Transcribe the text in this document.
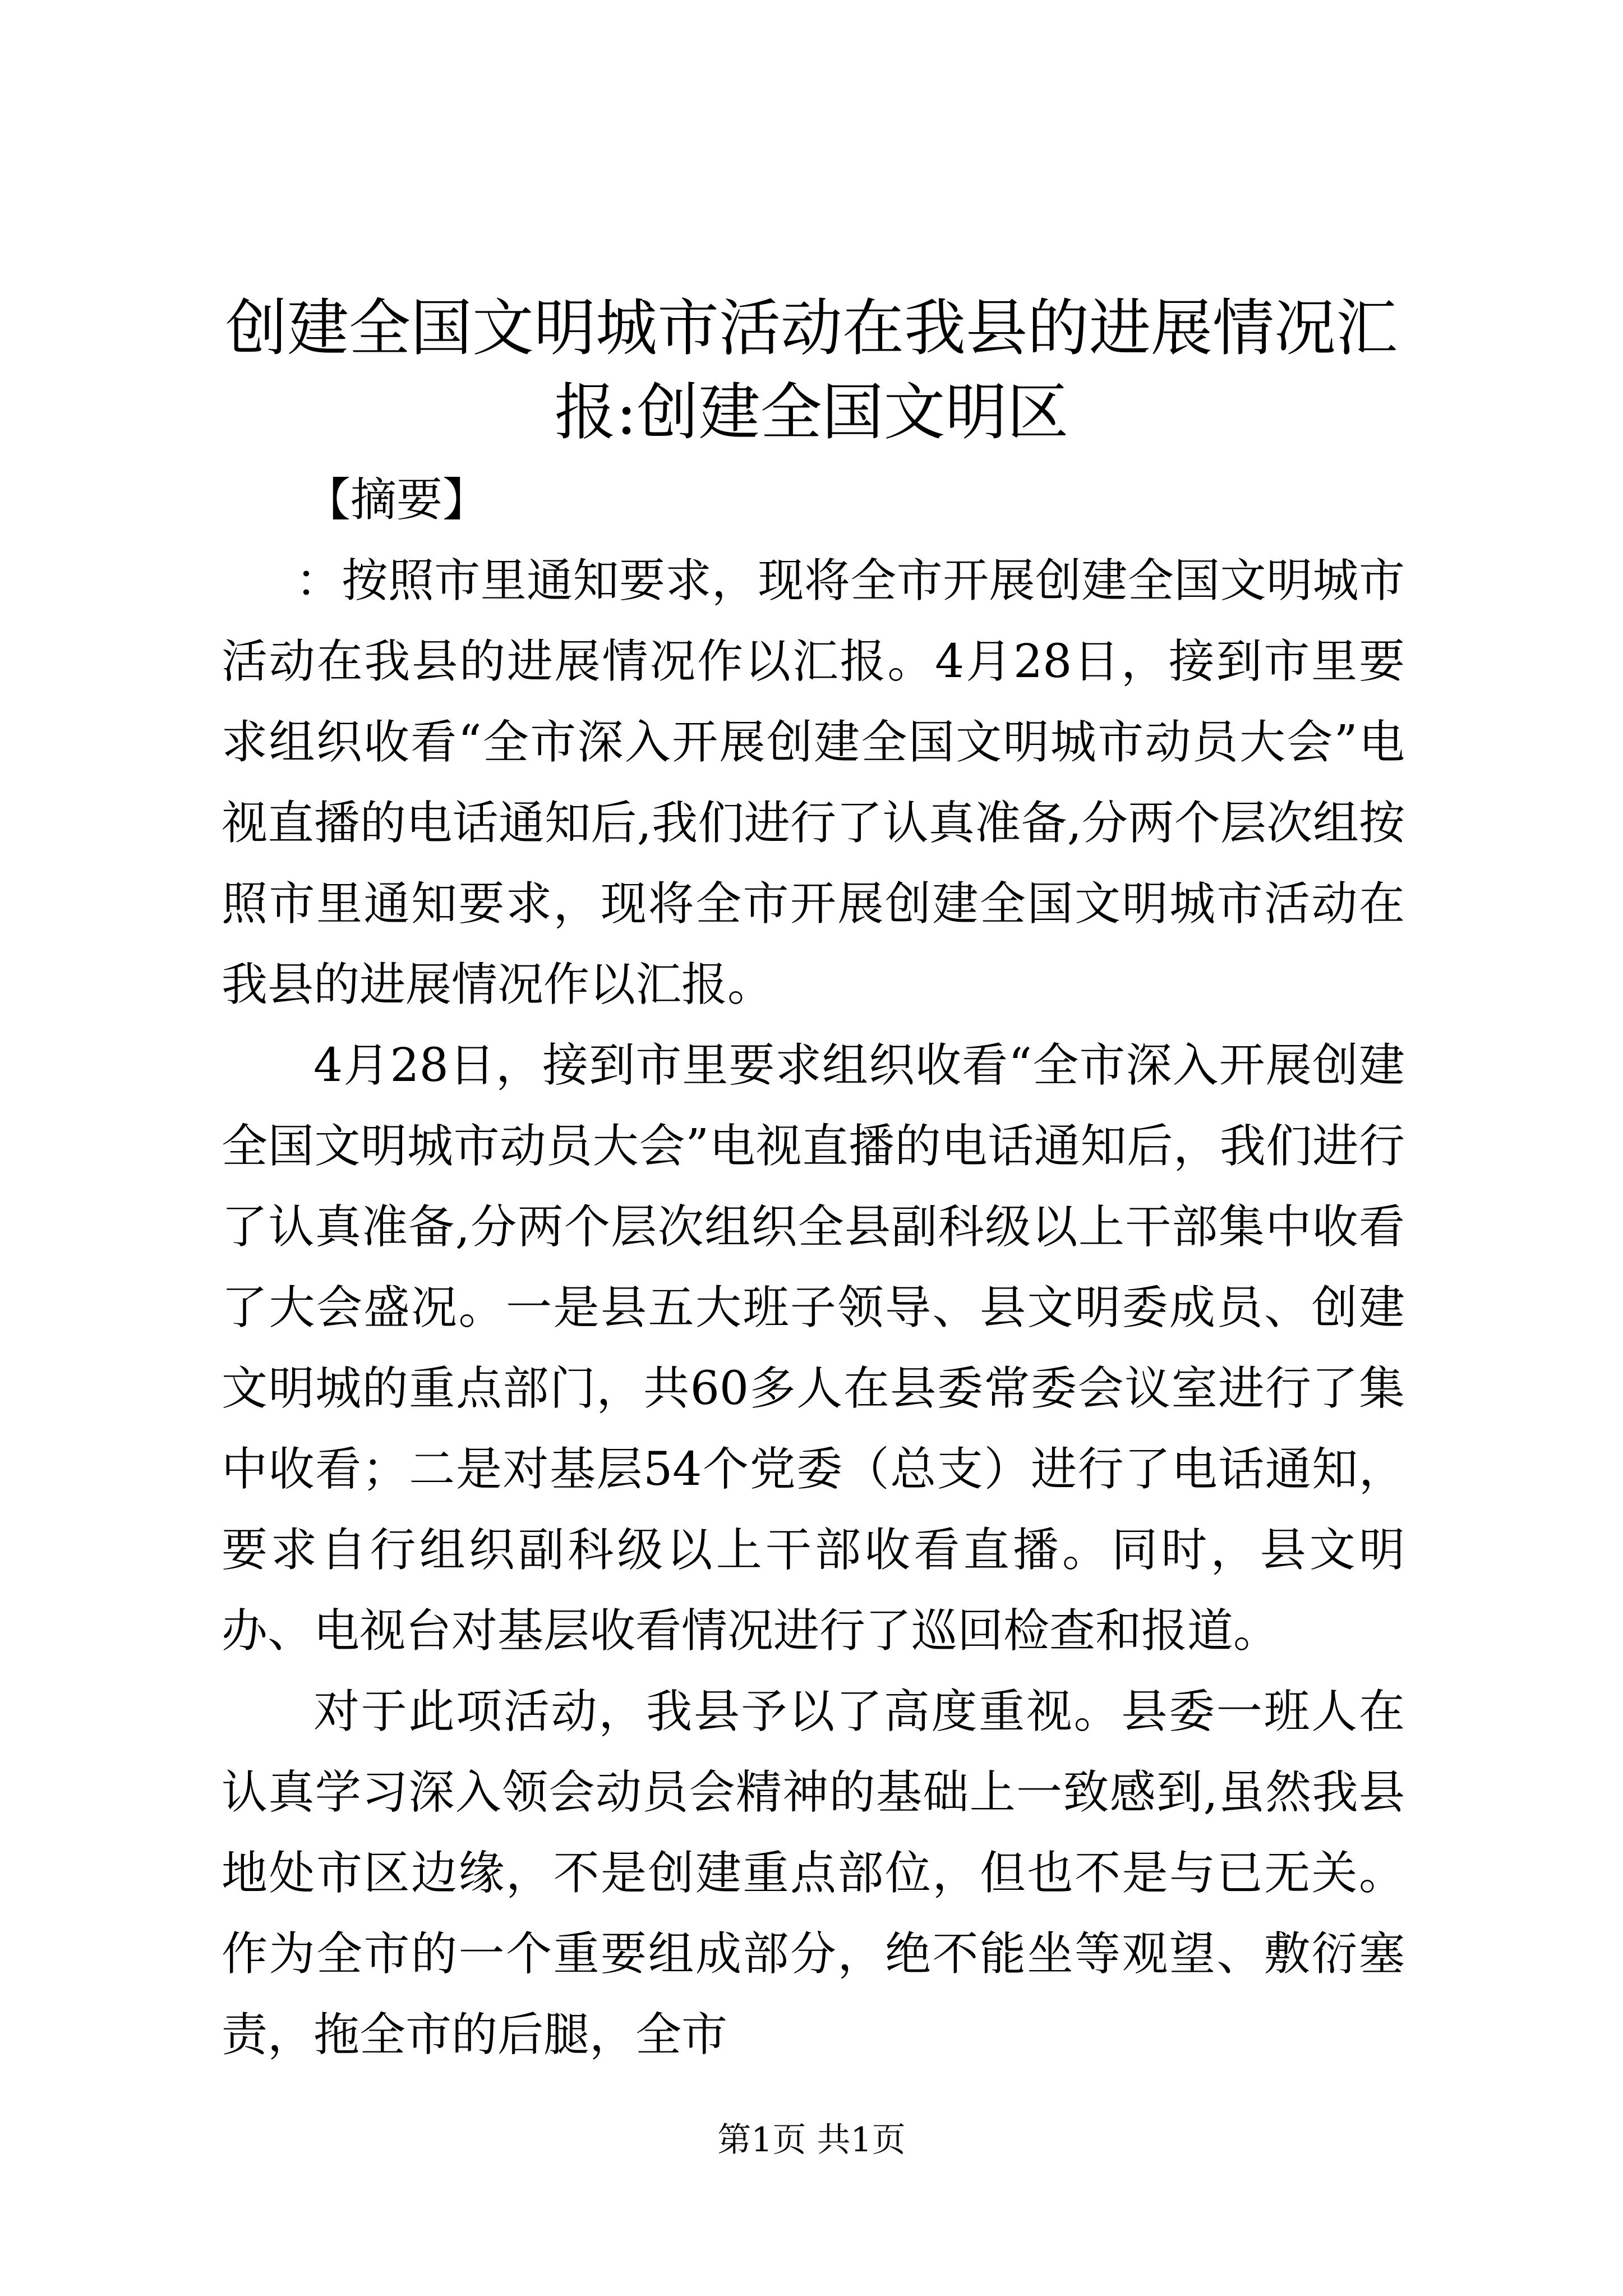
创建全国文明城市活动在我县的进展情况汇报:创建全国文明区

【摘要】

：按照市里通知要求，现将全市开展创建全国文明城市活动在我县的进展情况作以汇报。4月28日，接到市里要求组织收看“全市深入开展创建全国文明城市动员大会”电视直播的电话通知后,我们进行了认真准备,分两个层次组按照市里通知要求，现将全市开展创建全国文明城市活动在我县的进展情况作以汇报。

4月28日，接到市里要求组织收看“全市深入开展创建全国文明城市动员大会”电视直播的电话通知后，我们进行了认真准备,分两个层次组织全县副科级以上干部集中收看了大会盛况。一是县五大班子领导、县文明委成员、创建文明城的重点部门，共60多人在县委常委会议室进行了集中收看；二是对基层54个党委（总支）进行了电话通知，要求自行组织副科级以上干部收看直播。同时，县文明办、电视台对基层收看情况进行了巡回检查和报道。

对于此项活动，我县予以了高度重视。县委一班人在认真学习深入领会动员会精神的基础上一致感到,虽然我县地处市区边缘，不是创建重点部位，但也不是与已无关。作为全市的一个重要组成部分，绝不能坐等观望、敷衍塞责，拖全市的后腿，全市

第1页 共1页
